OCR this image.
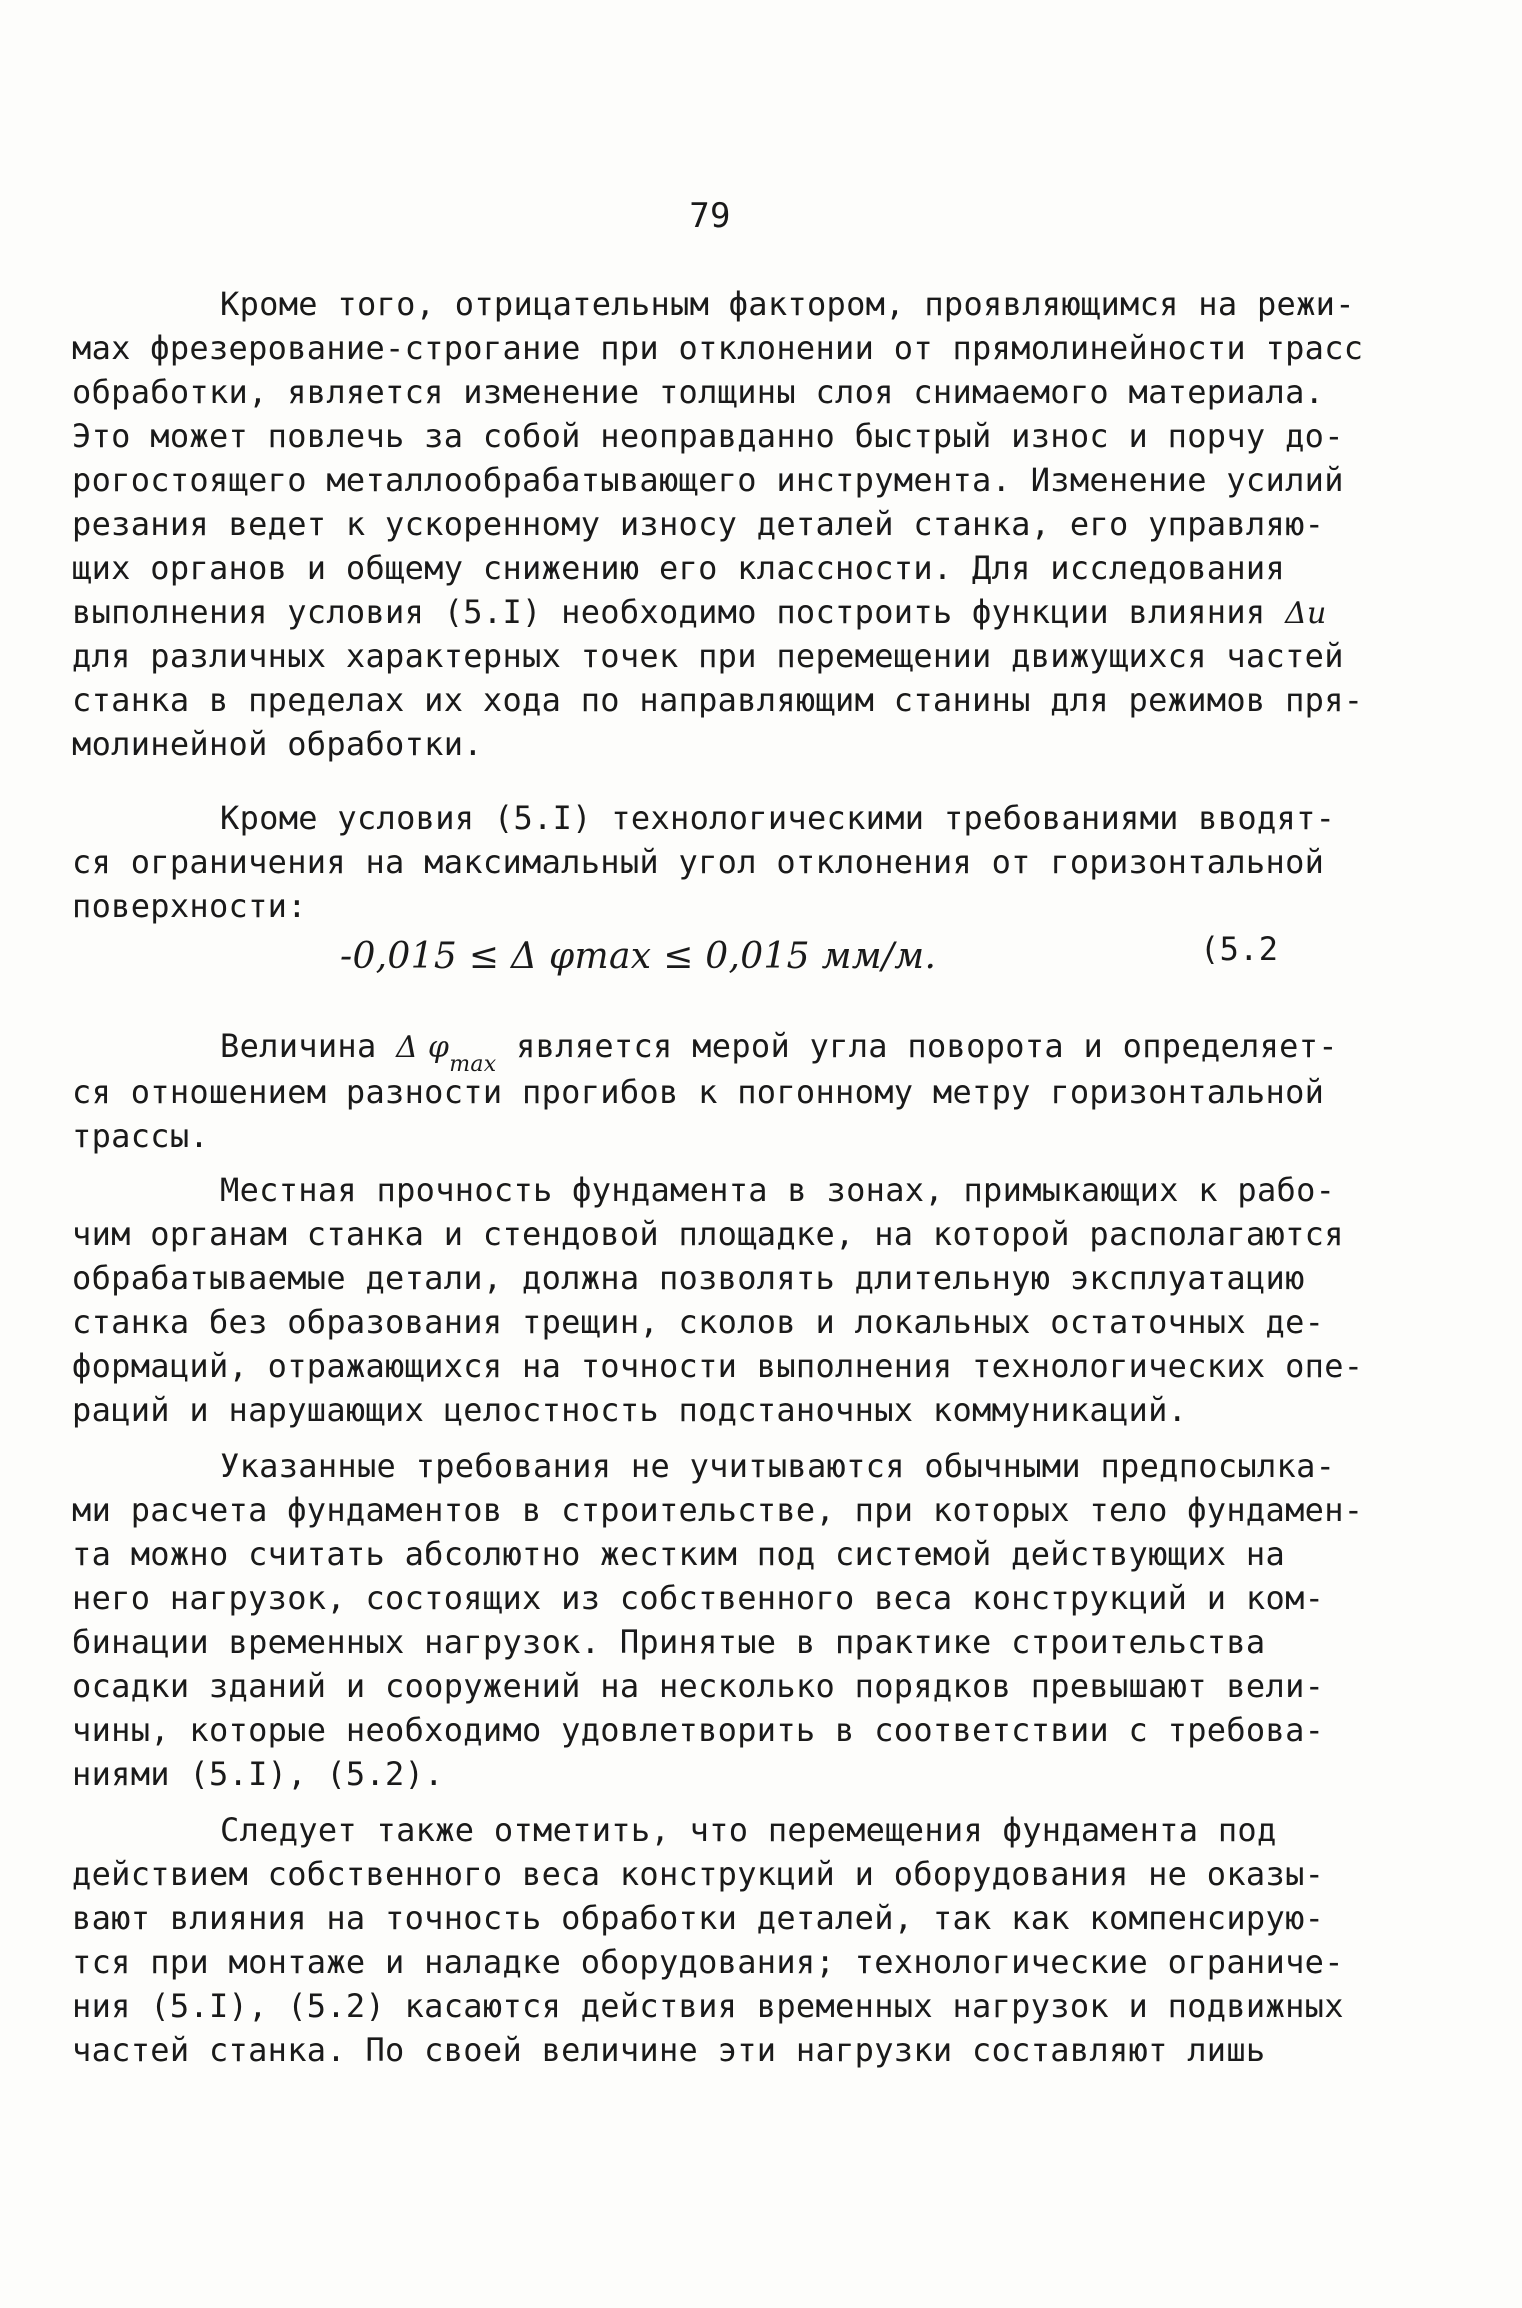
79
Кроме того, отрицательным фактором, проявляющимся на режи-
мах фрезерование-строгание при отклонении от прямолинейности трасс
обработки, является изменение толщины слоя снимаемого материала.
Это может повлечь за собой неоправданно быстрый износ и порчу до-
рогостоящего металлообрабатывающего инструмента. Изменение усилий
резания ведет к ускоренному износу деталей станка, его управляю-
щих органов и общему снижению его классности. Для исследования
выполнения условия (5.I) необходимо построить функции влияния Δu
для различных характерных точек при перемещении движущихся частей
станка в пределах их хода по направляющим станины для режимов пря-
молинейной обработки.
Кроме условия (5.I) технологическими требованиями вводят-
ся ограничения на максимальный угол отклонения от горизонтальной
поверхности:
-0,015 ≤ Δ φmax ≤ 0,015 мм/м.	(5.2
Величина Δ $\varphi_{max}$ является мерой угла поворота и определяет-
ся отношением разности прогибов к погонному метру горизонтальной
трассы.
Местная прочность фундамента в зонах, примыкающих к рабо-
чим органам станка и стендовой площадке, на которой располагаются
обрабатываемые детали, должна позволять длительную эксплуатацию
станка без образования трещин, сколов и локальных остаточных де-
формаций, отражающихся на точности выполнения технологических опе-
раций и нарушающих целостность подстаночных коммуникаций.
Указанные требования не учитываются обычными предпосылка-
ми расчета фундаментов в строительстве, при которых тело фундамен-
та можно считать абсолютно жестким под системой действующих на
него нагрузок, состоящих из собственного веса конструкций и ком-
бинации временных нагрузок. Принятые в практике строительства
осадки зданий и сооружений на несколько порядков превышают вели-
чины, которые необходимо удовлетворить в соответствии с требова-
ниями (5.I), (5.2).
Следует также отметить, что перемещения фундамента под
действием собственного веса конструкций и оборудования не оказы-
вают влияния на точность обработки деталей, так как компенсирую-
тся при монтаже и наладке оборудования; технологические ограниче-
ния (5.I), (5.2) касаются действия временных нагрузок и подвижных
частей станка. По своей величине эти нагрузки составляют лишь
